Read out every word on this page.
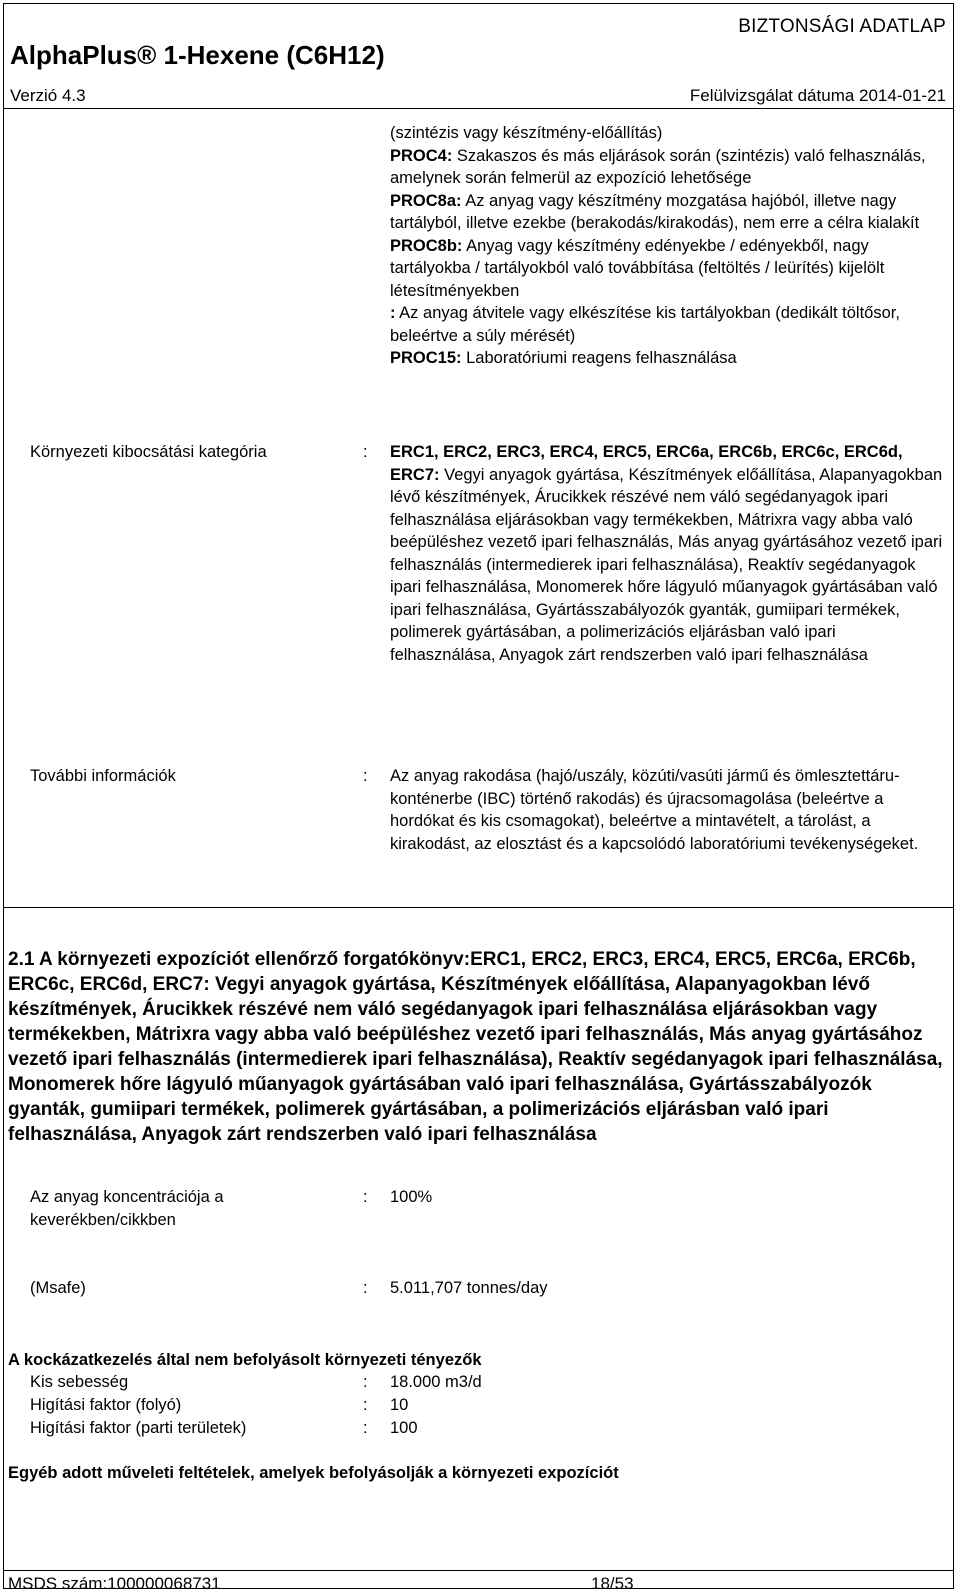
BIZTONSÁGI ADATLAP
AlphaPlus® 1-Hexene (C6H12)
Verzió 4.3	Felülvizsgálat dátuma 2014-01-21

(szintézis vagy készítmény-előállítás)

PROC4: Szakaszos és más eljárások során (szintézis) való felhasználás, amelynek során felmerül az expozíció lehetősége

PROC8a: Az anyag vagy készítmény mozgatása hajóból, illetve nagy tartályból, illetve ezekbe (berakodás/kirakodás), nem erre a célra kialakít

PROC8b: Anyag vagy készítmény edényekbe / edényekből, nagy tartályokba / tartályokból való továbbítása (feltöltés / leürítés) kijelölt létesítményekben

: Az anyag átvitele vagy elkészítése kis tartályokban (dedikált töltősor, beleértve a súly mérését)

PROC15: Laboratóriumi reagens felhasználása

Környezeti kibocsátási kategória	: ERC1, ERC2, ERC3, ERC4, ERC5, ERC6a, ERC6b, ERC6c, ERC6d, ERC7: Vegyi anyagok gyártása, Készítmények előállítása, Alapanyagokban lévő készítmények, Árucikkek részévé nem váló segédanyagok ipari felhasználása eljárásokban vagy termékekben, Mátrixra vagy abba való beépüléshez vezető ipari felhasználás, Más anyag gyártásához vezető ipari felhasználás (intermedierek ipari felhasználása), Reaktív segédanyagok ipari felhasználása, Monomerek hőre lágyuló műanyagok gyártásában való ipari felhasználása, Gyártásszabályozók gyanták, gumiipari termékek, polimerek gyártásában, a polimerizációs eljárásban való ipari felhasználása, Anyagok zárt rendszerben való ipari felhasználása

További információk	: Az anyag rakodása (hajó/uszály, közúti/vasúti jármű és ömlesztettáru-konténerbe (IBC) történő rakodás) és újracsomagolása (beleértve a hordókat és kis csomagokat), beleértve a mintavételt, a tárolást, a kirakodást, az elosztást és a kapcsolódó laboratóriumi tevékenységeket.
2.1 A környezeti expozíciót ellenőrző forgatókönyv:ERC1, ERC2, ERC3, ERC4, ERC5, ERC6a, ERC6b, ERC6c, ERC6d, ERC7: Vegyi anyagok gyártása, Készítmények előállítása, Alapanyagokban lévő készítmények, Árucikkek részévé nem váló segédanyagok ipari felhasználása eljárásokban vagy termékekben, Mátrixra vagy abba való beépüléshez vezető ipari felhasználás, Más anyag gyártásához vezető ipari felhasználás (intermedierek ipari felhasználása), Reaktív segédanyagok ipari felhasználása, Monomerek hőre lágyuló műanyagok gyártásában való ipari felhasználása, Gyártásszabályozók gyanták, gumiipari termékek, polimerek gyártásában, a polimerizációs eljárásban való ipari felhasználása, Anyagok zárt rendszerben való ipari felhasználása
Az anyag koncentrációja a keverékben/cikkben
: 100%
(Msafe)	: 5.011,707 tonnes/day
A kockázatkezelés által nem befolyásolt környezeti tényezők
Kis sebesség	: 18.000 m3/d
Higítási faktor (folyó)	: 10
Higítási faktor (parti területek)	: 100
Egyéb adott műveleti feltételek, amelyek befolyásolják a környezeti expozíciót
MSDS szám:100000068731	18/53
